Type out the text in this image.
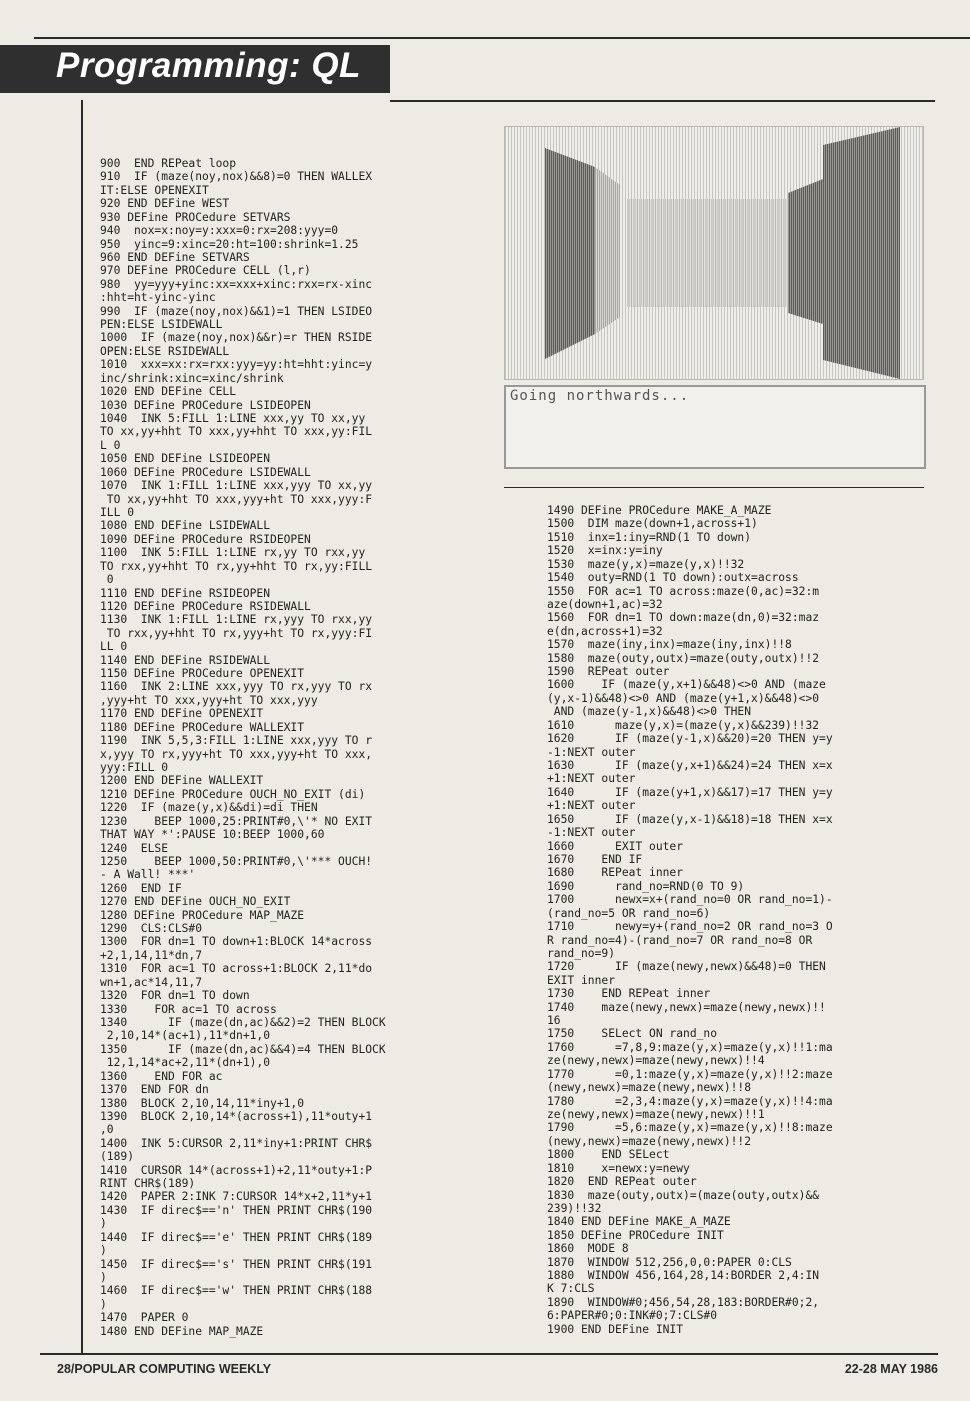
Programming: QL
900  END REPeat loop
910  IF (maze(noy,nox)&&8)=0 THEN WALLEX
IT:ELSE OPENEXIT
920 END DEFine WEST
930 DEFine PROCedure SETVARS
940  nox=x:noy=y:xxx=0:rx=208:yyy=0
950  yinc=9:xinc=20:ht=100:shrink=1.25
960 END DEFine SETVARS
970 DEFine PROCedure CELL (l,r)
980  yy=yyy+yinc:xx=xxx+xinc:rxx=rx-xinc
:hht=ht-yinc-yinc
990  IF (maze(noy,nox)&&1)=1 THEN LSIDEO
PEN:ELSE LSIDEWALL
1000  IF (maze(noy,nox)&&r)=r THEN RSIDE
OPEN:ELSE RSIDEWALL
1010  xxx=xx:rx=rxx:yyy=yy:ht=hht:yinc=y
inc/shrink:xinc=xinc/shrink
1020 END DEFine CELL
1030 DEFine PROCedure LSIDEOPEN
1040  INK 5:FILL 1:LINE xxx,yy TO xx,yy
TO xx,yy+hht TO xxx,yy+hht TO xxx,yy:FIL
L 0
1050 END DEFine LSIDEOPEN
1060 DEFine PROCedure LSIDEWALL
1070  INK 1:FILL 1:LINE xxx,yyy TO xx,yy
TO xx,yy+hht TO xxx,yyy+ht TO xxx,yyy:F
ILL 0
1080 END DEFine LSIDEWALL
1090 DEFine PROCedure RSIDEOPEN
1100  INK 5:FILL 1:LINE rx,yy TO rxx,yy
TO rxx,yy+hht TO rx,yy+hht TO rx,yy:FILL
0
1110 END DEFine RSIDEOPEN
1120 DEFine PROCedure RSIDEWALL
1130  INK 1:FILL 1:LINE rx,yyy TO rxx,yy
TO rxx,yy+hht TO rx,yyy+ht TO rx,yyy:FI
LL 0
1140 END DEFine RSIDEWALL
1150 DEFine PROCedure OPENEXIT
1160  INK 2:LINE xxx,yyy TO rx,yyy TO rx
,yyy+ht TO xxx,yyy+ht TO xxx,yyy
1170 END DEFine OPENEXIT
1180 DEFine PROCedure WALLEXIT
1190  INK 5,5,3:FILL 1:LINE xxx,yyy TO r
x,yyy TO rx,yyy+ht TO xxx,yyy+ht TO xxx,
yyy:FILL 0
1200 END DEFine WALLEXIT
1210 DEFine PROCedure OUCH_NO_EXIT (di)
1220  IF (maze(y,x)&&di)=di THEN
1230    BEEP 1000,25:PRINT#0,\'* NO EXIT
THAT WAY *':PAUSE 10:BEEP 1000,60
1240  ELSE
1250    BEEP 1000,50:PRINT#0,\'*** OUCH!
- A Wall! ***'
1260  END IF
1270 END DEFine OUCH_NO_EXIT
1280 DEFine PROCedure MAP_MAZE
1290  CLS:CLS#0
1300  FOR dn=1 TO down+1:BLOCK 14*across
+2,1,14,11*dn,7
1310  FOR ac=1 TO across+1:BLOCK 2,11*do
wn+1,ac*14,11,7
1320  FOR dn=1 TO down
1330    FOR ac=1 TO across
1340      IF (maze(dn,ac)&&2)=2 THEN BLOCK
2,10,14*(ac+1),11*dn+1,0
1350      IF (maze(dn,ac)&&4)=4 THEN BLOCK
12,1,14*ac+2,11*(dn+1),0
1360    END FOR ac
1370  END FOR dn
1380  BLOCK 2,10,14,11*iny+1,0
1390  BLOCK 2,10,14*(across+1),11*outy+1
,0
1400  INK 5:CURSOR 2,11*iny+1:PRINT CHR$
(189)
1410  CURSOR 14*(across+1)+2,11*outy+1:P
RINT CHR$(189)
1420  PAPER 2:INK 7:CURSOR 14*x+2,11*y+1
1430  IF direc$=='n' THEN PRINT CHR$(190
)
1440  IF direc$=='e' THEN PRINT CHR$(189
)
1450  IF direc$=='s' THEN PRINT CHR$(191
)
1460  IF direc$=='w' THEN PRINT CHR$(188
)
1470  PAPER 0
1480 END DEFine MAP_MAZE
Going northwards...
1490 DEFine PROCedure MAKE_A_MAZE
1500  DIM maze(down+1,across+1)
1510  inx=1:iny=RND(1 TO down)
1520  x=inx:y=iny
1530  maze(y,x)=maze(y,x)!!32
1540  outy=RND(1 TO down):outx=across
1550  FOR ac=1 TO across:maze(0,ac)=32:m
aze(down+1,ac)=32
1560  FOR dn=1 TO down:maze(dn,0)=32:maz
e(dn,across+1)=32
1570  maze(iny,inx)=maze(iny,inx)!!8
1580  maze(outy,outx)=maze(outy,outx)!!2
1590  REPeat outer
1600    IF (maze(y,x+1)&&48)<>0 AND (maze
(y,x-1)&&48)<>0 AND (maze(y+1,x)&&48)<>0
AND (maze(y-1,x)&&48)<>0 THEN
1610      maze(y,x)=(maze(y,x)&&239)!!32
1620      IF (maze(y-1,x)&&20)=20 THEN y=y
-1:NEXT outer
1630      IF (maze(y,x+1)&&24)=24 THEN x=x
+1:NEXT outer
1640      IF (maze(y+1,x)&&17)=17 THEN y=y
+1:NEXT outer
1650      IF (maze(y,x-1)&&18)=18 THEN x=x
-1:NEXT outer
1660      EXIT outer
1670    END IF
1680    REPeat inner
1690      rand_no=RND(0 TO 9)
1700      newx=x+(rand_no=0 OR rand_no=1)-
(rand_no=5 OR rand_no=6)
1710      newy=y+(rand_no=2 OR rand_no=3 O
R rand_no=4)-(rand_no=7 OR rand_no=8 OR
rand_no=9)
1720      IF (maze(newy,newx)&&48)=0 THEN
EXIT inner
1730    END REPeat inner
1740    maze(newy,newx)=maze(newy,newx)!!
16
1750    SELect ON rand_no
1760      =7,8,9:maze(y,x)=maze(y,x)!!1:ma
ze(newy,newx)=maze(newy,newx)!!4
1770      =0,1:maze(y,x)=maze(y,x)!!2:maze
(newy,newx)=maze(newy,newx)!!8
1780      =2,3,4:maze(y,x)=maze(y,x)!!4:ma
ze(newy,newx)=maze(newy,newx)!!1
1790      =5,6:maze(y,x)=maze(y,x)!!8:maze
(newy,newx)=maze(newy,newx)!!2
1800    END SELect
1810    x=newx:y=newy
1820  END REPeat outer
1830  maze(outy,outx)=(maze(outy,outx)&&
239)!!32
1840 END DEFine MAKE_A_MAZE
1850 DEFine PROCedure INIT
1860  MODE 8
1870  WINDOW 512,256,0,0:PAPER 0:CLS
1880  WINDOW 456,164,28,14:BORDER 2,4:IN
K 7:CLS
1890  WINDOW#0;456,54,28,183:BORDER#0;2,
6:PAPER#0;0:INK#0;7:CLS#0
1900 END DEFine INIT
28/POPULAR COMPUTING WEEKLY	22-28 MAY 1986
